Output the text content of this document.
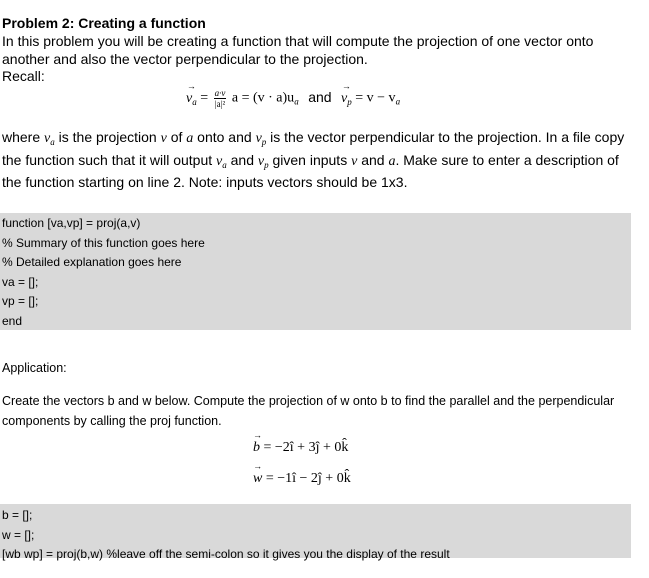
Problem 2: Creating a function
In this problem you will be creating a function that will compute the projection of one vector onto another and also the vector perpendicular to the projection.
Recall:
→ $v_a = \frac{a\cdot v}{\text{|a|²}}$ $a = (v \cdot a)u_a$ and → $v_p = v - v_a$
where $v_a$ is the projection v of a onto and $v_p$ is the vector perpendicular to the projection. In a file copy the function such that it will output $v_a$ and $v_p$ given inputs v and a. Make sure to enter a description of the function starting on line 2. Note: inputs vectors should be 1x3.
function [va,vp] = proj(a,v)
% Summary of this function goes here
% Detailed explanation goes here
va = [];
vp = [];
end
Application:
Create the vectors b and w below. Compute the projection of w onto b to find the parallel and the perpendicular components by calling the proj function.
→ b = −2î + 3ĵ + 0k̂
→ w = −1î − 2ĵ + 0k̂
b = [];
w = [];
[wb wp] = proj(b,w) %leave off the semi-colon so it gives you the display of the result
